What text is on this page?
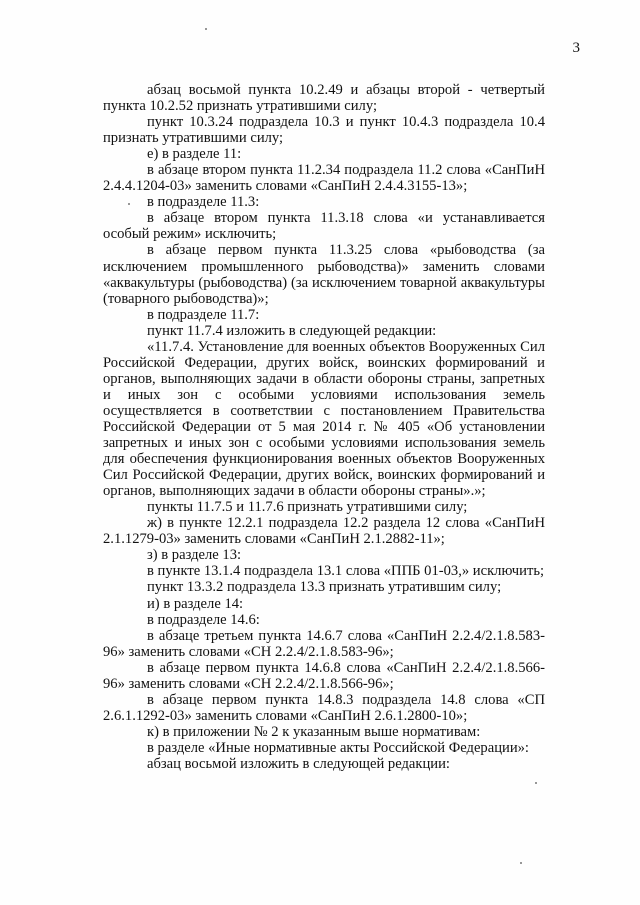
3

абзац восьмой пункта 10.2.49 и абзацы второй - четвертый пункта 10.2.52 признать утратившими силу;

пункт 10.3.24 подраздела 10.3 и пункт 10.4.3 подраздела 10.4 признать утратившими силу;

е) в разделе 11:

в абзаце втором пункта 11.2.34 подраздела 11.2 слова «СанПиН 2.4.4.1204-03» заменить словами «СанПиН 2.4.4.3155-13»;

в подразделе 11.3:

в абзаце втором пункта 11.3.18 слова «и устанавливается особый режим» исключить;

в абзаце первом пункта 11.3.25 слова «рыбоводства (за исключением промышленного рыбоводства)» заменить словами «аквакультуры (рыбоводства) (за исключением товарной аквакультуры (товарного рыбоводства)»;

в подразделе 11.7:

пункт 11.7.4 изложить в следующей редакции:

«11.7.4. Установление для военных объектов Вооруженных Сил Российской Федерации, других войск, воинских формирований и органов, выполняющих задачи в области обороны страны, запретных и иных зон с особыми условиями использования земель осуществляется в соответствии с постановлением Правительства Российской Федерации от 5 мая 2014 г. № 405 «Об установлении запретных и иных зон с особыми условиями использования земель для обеспечения функционирования военных объектов Вооруженных Сил Российской Федерации, других войск, воинских формирований и органов, выполняющих задачи в области обороны страны».»;

пункты 11.7.5 и 11.7.6 признать утратившими силу;

ж) в пункте 12.2.1 подраздела 12.2 раздела 12 слова «СанПиН 2.1.1279-03» заменить словами «СанПиН 2.1.2882-11»;

з) в разделе 13:

в пункте 13.1.4 подраздела 13.1 слова «ППБ 01-03,» исключить;

пункт 13.3.2 подраздела 13.3 признать утратившим силу;

и) в разделе 14:

в подразделе 14.6:

в абзаце третьем пункта 14.6.7 слова «СанПиН 2.2.4/2.1.8.583-96» заменить словами «СН 2.2.4/2.1.8.583-96»;

в абзаце первом пункта 14.6.8 слова «СанПиН 2.2.4/2.1.8.566-96» заменить словами «СН 2.2.4/2.1.8.566-96»;

в абзаце первом пункта 14.8.3 подраздела 14.8 слова «СП 2.6.1.1292-03» заменить словами «СанПиН 2.6.1.2800-10»;

к) в приложении № 2 к указанным выше нормативам:

в разделе «Иные нормативные акты Российской Федерации»:

абзац восьмой изложить в следующей редакции:
